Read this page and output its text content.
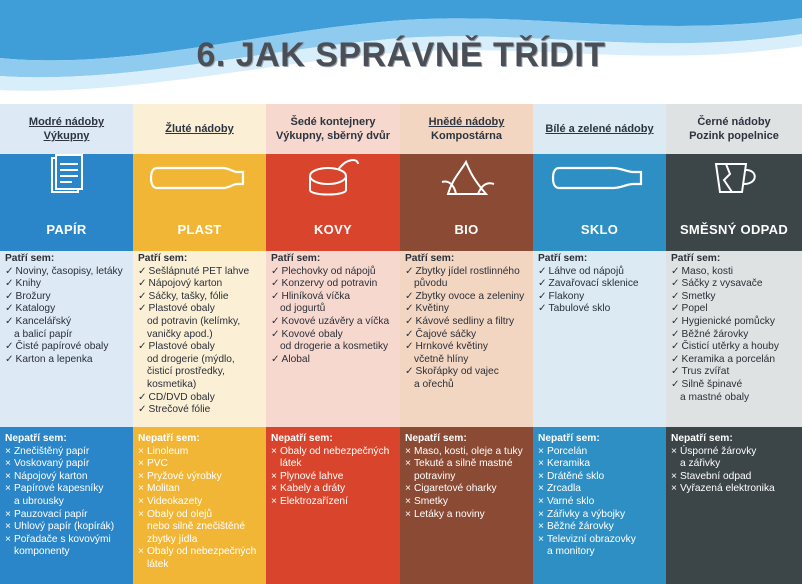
6. JAK SPRÁVNĚ TŘÍDIT
Modré nádoby
Výkupny
PAPÍR
Patří sem:
✓ Noviny, časopisy, letáky
✓ Knihy
✓ Brožury
✓ Katalogy
✓ Kancelářský
a balicí papír
✓ Čisté papírové obaly
✓ Karton a lepenka
Nepatří sem:
× Znečištěný papír
× Voskovaný papír
× Nápojový karton
× Papírové kapesníky
a ubrousky
× Pauzovací papír
× Uhlový papír (kopírák)
× Pořadače s kovovými
komponenty
Žluté nádoby
PLAST
Patří sem:
✓ Sešlápnuté PET lahve
✓ Nápojový karton
✓ Sáčky, tašky, fólie
✓ Plastové obaly
od potravin (kelímky,
vaničky apod.)
✓ Plastové obaly
od drogerie (mýdlo,
čisticí prostředky,
kosmetika)
✓ CD/DVD obaly
✓ Strečové fólie
Nepatří sem:
× Linoleum
× PVC
× Pryžové výrobky
× Molitan
× Videokazety
× Obaly od olejů
nebo silně znečištěné
zbytky jídla
× Obaly od nebezpečných
látek
Šedé kontejnery
Výkupny, sběrný dvůr
KOVY
Patří sem:
✓ Plechovky od nápojů
✓ Konzervy od potravin
✓ Hliníková víčka
od jogurtů
✓ Kovové uzávěry a víčka
✓ Kovové obaly
od drogerie a kosmetiky
✓ Alobal
Nepatří sem:
× Obaly od nebezpečných
látek
× Plynové lahve
× Kabely a dráty
× Elektrozařízení
Hnědé nádoby
Kompostárna
BIO
Patří sem:
✓ Zbytky jídel rostlinného
původu
✓ Zbytky ovoce a zeleniny
✓ Květiny
✓ Kávové sedliny a filtry
✓ Čajové sáčky
✓ Hrnkové květiny
včetně hlíny
✓ Skořápky od vajec
a ořechů
Nepatří sem:
× Maso, kosti, oleje a tuky
× Tekuté a silně mastné
potraviny
× Cigaretové oharky
× Smetky
× Letáky a noviny
Bílé a zelené nádoby
SKLO
Patří sem:
✓ Láhve od nápojů
✓ Zavařovací sklenice
✓ Flakony
✓ Tabulové sklo
Nepatří sem:
× Porcelán
× Keramika
× Drátěné sklo
× Zrcadla
× Varné sklo
× Zářivky a výbojky
× Běžné žárovky
× Televizní obrazovky
a monitory
Černé nádoby
Pozink popelnice
SMĚSNÝ ODPAD
Patří sem:
✓ Maso, kosti
✓ Sáčky z vysavače
✓ Smetky
✓ Popel
✓ Hygienické pomůcky
✓ Běžné žárovky
✓ Čisticí utěrky a houby
✓ Keramika a porcelán
✓ Trus zvířat
✓ Silně špinavé
a mastné obaly
Nepatří sem:
× Úsporné žárovky
a zářivky
× Stavební odpad
× Vyřazená elektronika
